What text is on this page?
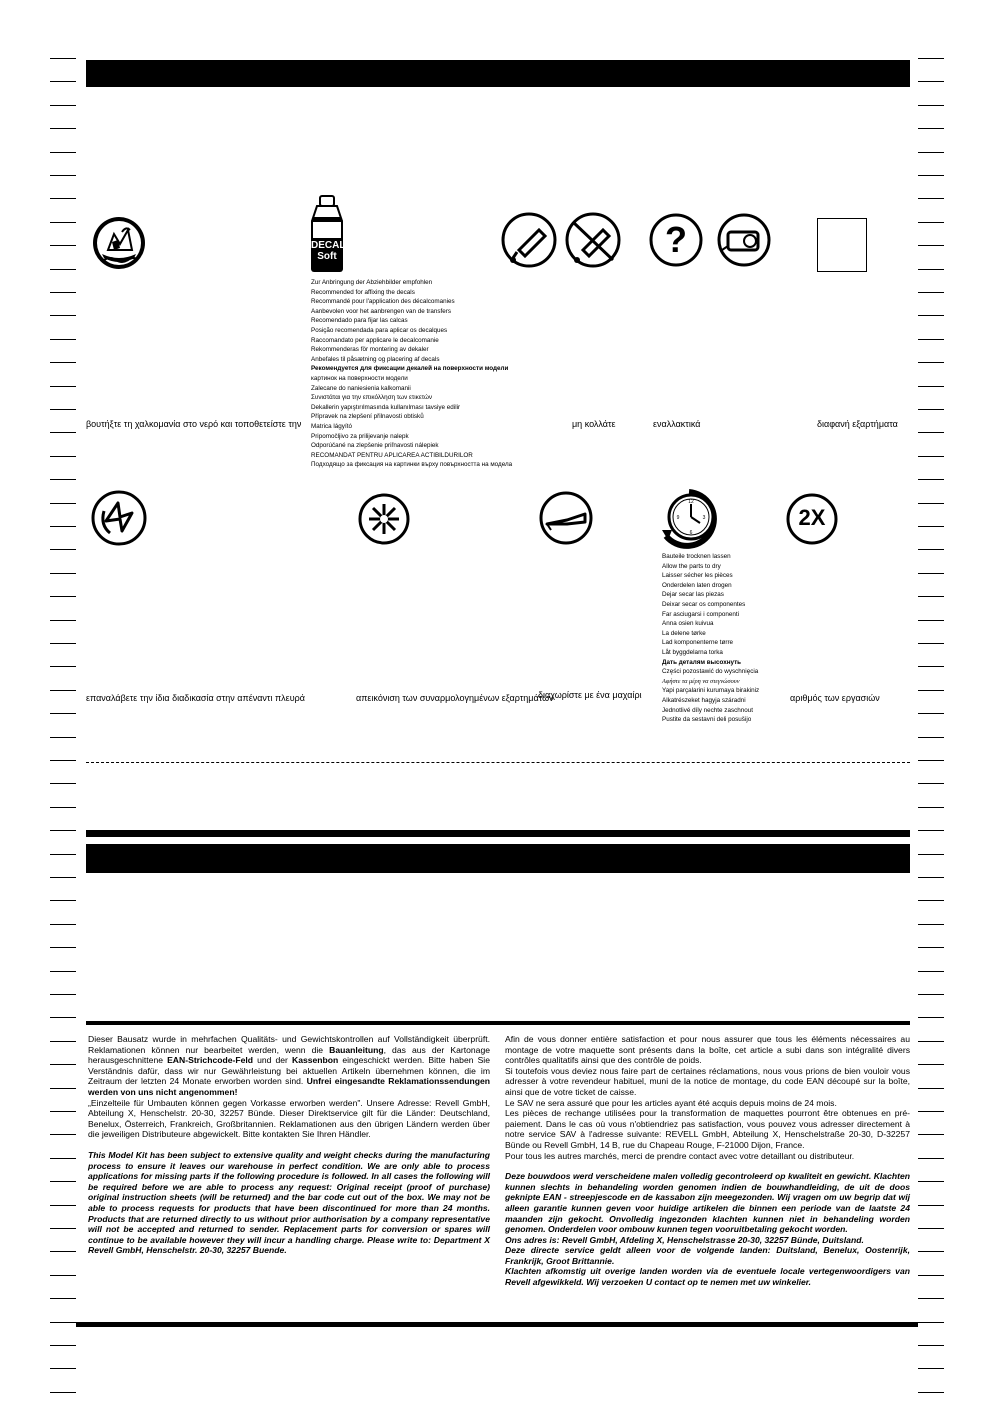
DECAL
Soft	?
Zur Anbringung der Abziehbilder empfohlen
Recommended for affixing the decals
Recommandé pour l'application des décalcomanies
Aanbevolen voor het aanbrengen van de transfers
Recomendado para fijar las calcas
Posição recomendada para aplicar os decalques
Raccomandato per applicare le decalcomanie
Rekommenderas för montering av dekaler
Anbefales til påsætning og placering af decals
Рекомендуется для фиксации декалей на поверхности модели
картинок на поверхности модели
Zalecane do naniesienia kalkomanii
Συνιστάται για την επικόλληση των ετικετών
Dekallerin yapıştırılmasında kullanılması tavsiye edilir
Přípravek na zlepšení přilnavosti obtisků
Matrica lágyító
Pripomočljivo za prilijevanje nalepk
Odporúčané na zlepšenie priľnavosti nálepiek
RECOMANDAT PENTRU APLICAREA ACTIBILDURILOR
Подходящо за фиксация на картинки върху повърхността на модела
βουτήξτε τη χαλκομανία στο νερό και τοποθετείστε την	μη κολλάτε	εναλλακτικά	διαφανή εξαρτήματα
12
3
6
9	2X
Bauteile trocknen lassen
Allow the parts to dry
Laisser sécher les pièces
Onderdelen laten drogen
Dejar secar las piezas
Deixar secar os componentes
Far asciugarsi i componenti
Anna osien kuivua
La delene tørke
Lad komponenterne tørre
Låt byggdelarna torka
Дать деталям высохнуть
Części pozostawić do wyschnięcia
Αφήστε τα μέρη να στεγνώσουν
Yapi parçalarini kurumaya birakiniz
Alkatrészeket hagyja száradni
Jednotlivé díly nechte zaschnout
Pustite da sestavni deli posušijo
επαναλάβετε την ίδια διαδικασία στην απέναντι πλευρά	απεικόνιση των συναρμολογημένων εξαρτημάτων
διαχωρίστε με ένα μαχαίρι	αριθμός των εργασιών

Dieser Bausatz wurde in mehrfachen Qualitäts- und Gewichtskontrollen auf Vollständigkeit überprüft. Reklamationen können nur bearbeitet werden, wenn die Bauanleitung, das aus der Kartonage herausgeschnittene EAN-Strichcode-Feld und der Kassenbon eingeschickt werden. Bitte haben Sie Verständnis dafür, dass wir nur Gewährleistung bei aktuellen Artikeln übernehmen können, die im Zeitraum der letzten 24 Monate erworben worden sind. Unfrei eingesandte Reklamationssendungen werden von uns nicht angenommen!

„Einzelteile für Umbauten können gegen Vorkasse erworben werden". Unsere Adresse: Revell GmbH, Abteilung X, Henschelstr. 20-30, 32257 Bünde. Dieser Direktservice gilt für die Länder: Deutschland, Benelux, Österreich, Frankreich, Großbritannien. Reklamationen aus den übrigen Ländern werden über die jeweiligen Distributeure abgewickelt. Bitte kontakten Sie Ihren Händler.

This Model Kit has been subject to extensive quality and weight checks during the manufacturing process to ensure it leaves our warehouse in perfect condition. We are only able to process applications for missing parts if the following procedure is followed. In all cases the following will be required before we are able to process any request: Original receipt (proof of purchase) original instruction sheets (will be returned) and the bar code cut out of the box. We may not be able to process requests for products that have been discontinued for more than 24 months. Products that are returned directly to us without prior authorisation by a company representative will not be accepted and returned to sender. Replacement parts for conversion or spares will continue to be available however they will incur a handling charge. Please write to: Department X Revell GmbH, Henschelstr. 20-30, 32257 Buende.

Afin de vous donner entière satisfaction et pour nous assurer que tous les éléments nécessaires au montage de votre maquette sont présents dans la boîte, cet article a subi dans son intégralité divers contrôles qualitatifs ainsi que des contrôle de poids.

Si toutefois vous deviez nous faire part de certaines réclamations, nous vous prions de bien vouloir vous adresser à votre revendeur habituel, muni de la notice de montage, du code EAN découpé sur la boîte, ainsi que de votre ticket de caisse.

Le SAV ne sera assuré que pour les articles ayant été acquis depuis moins de 24 mois.

Les pièces de rechange utilisées pour la transformation de maquettes pourront être obtenues en pré-paiement. Dans le cas où vous n'obtiendriez pas satisfaction, vous pouvez vous adresser directement à notre service SAV à l'adresse suivante: REVELL GmbH, Abteilung X, Henschelstraße 20-30, D-32257 Bünde ou Revell GmbH, 14 B, rue du Chapeau Rouge, F-21000 Dijon, France.

Pour tous les autres marchés, merci de prendre contact avec votre detaillant ou distributeur.

Deze bouwdoos werd verscheidene malen volledig gecontroleerd op kwaliteit en gewicht. Klachten kunnen slechts in behandeling worden genomen indien de bouwhandleiding, de uit de doos geknipte EAN - streepjescode en de kassabon zijn meegezonden. Wij vragen om uw begrip dat wij alleen garantie kunnen geven voor huidige artikelen die binnen een periode van de laatste 24 maanden zijn gekocht. Onvolledig ingezonden klachten kunnen niet in behandeling worden genomen. Onderdelen voor ombouw kunnen tegen vooruitbetaling gekocht worden.

Ons adres is: Revell GmbH, Afdeling X, Henschelstrasse 20-30, 32257 Bünde, Duitsland.

Deze directe service geldt alleen voor de volgende landen: Duitsland, Benelux, Oostenrijk, Frankrijk, Groot Brittannie.

Klachten afkomstig uit overige landen worden via de eventuele locale vertegenwoordigers van Revell afgewikkeld. Wij verzoeken U contact op te nemen met uw winkelier.
